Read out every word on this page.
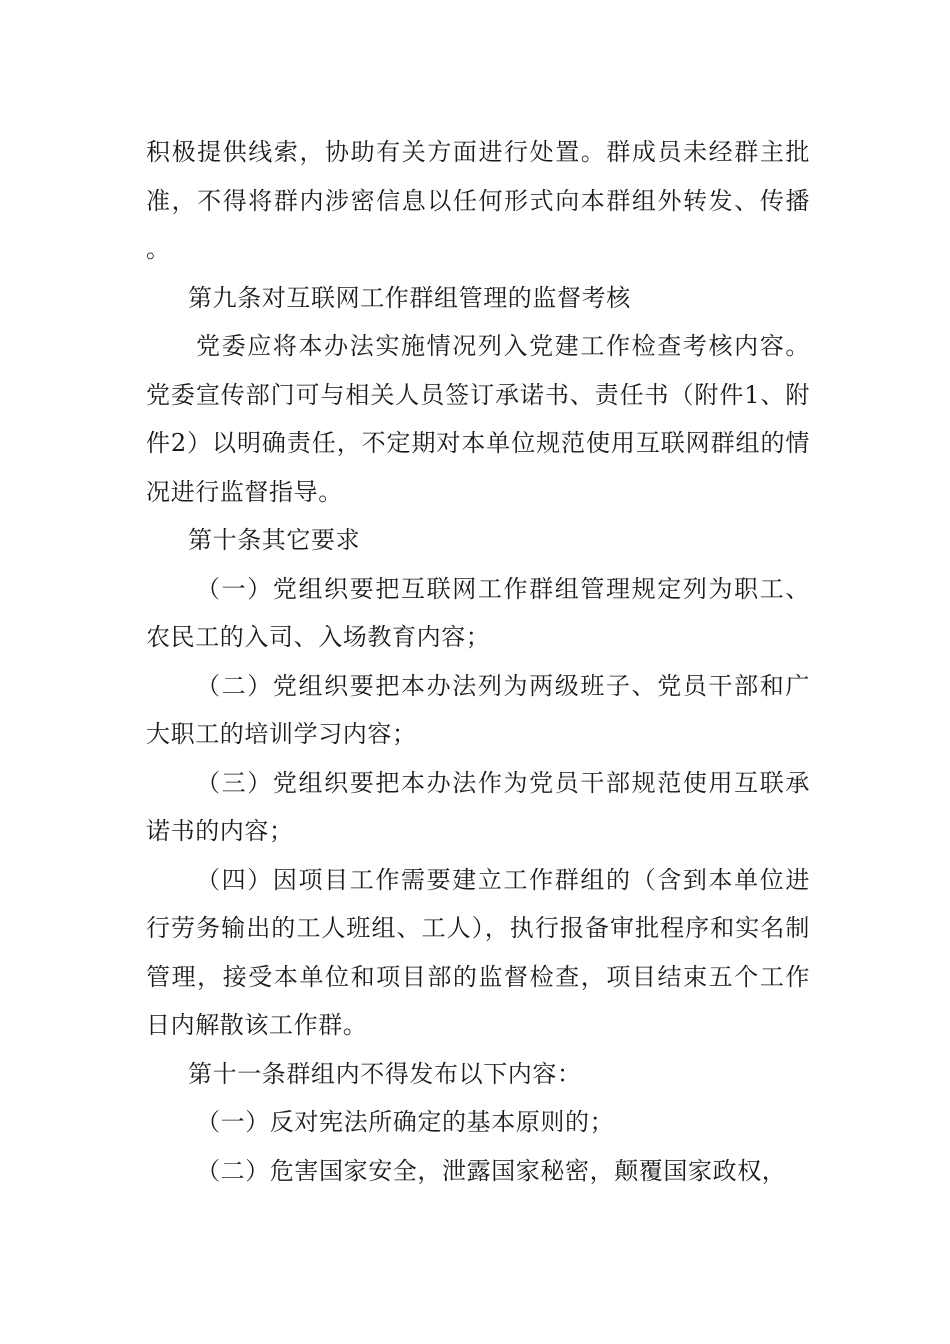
积极提供线索，协助有关方面进行处置。群成员未经群主批准，不得将群内涉密信息以任何形式向本群组外转发、传播。

第九条对互联网工作群组管理的监督考核

党委应将本办法实施情况列入党建工作检查考核内容。党委宣传部门可与相关人员签订承诺书、责任书（附件1、附件2）以明确责任，不定期对本单位规范使用互联网群组的情况进行监督指导。

第十条其它要求

（一）党组织要把互联网工作群组管理规定列为职工、农民工的入司、入场教育内容；

（二）党组织要把本办法列为两级班子、党员干部和广大职工的培训学习内容；

（三）党组织要把本办法作为党员干部规范使用互联承诺书的内容；

（四）因项目工作需要建立工作群组的（含到本单位进行劳务输出的工人班组、工人），执行报备审批程序和实名制管理，接受本单位和项目部的监督检查，项目结束五个工作日内解散该工作群。

第十一条群组内不得发布以下内容：

（一）反对宪法所确定的基本原则的；

（二）危害国家安全，泄露国家秘密，颠覆国家政权，
